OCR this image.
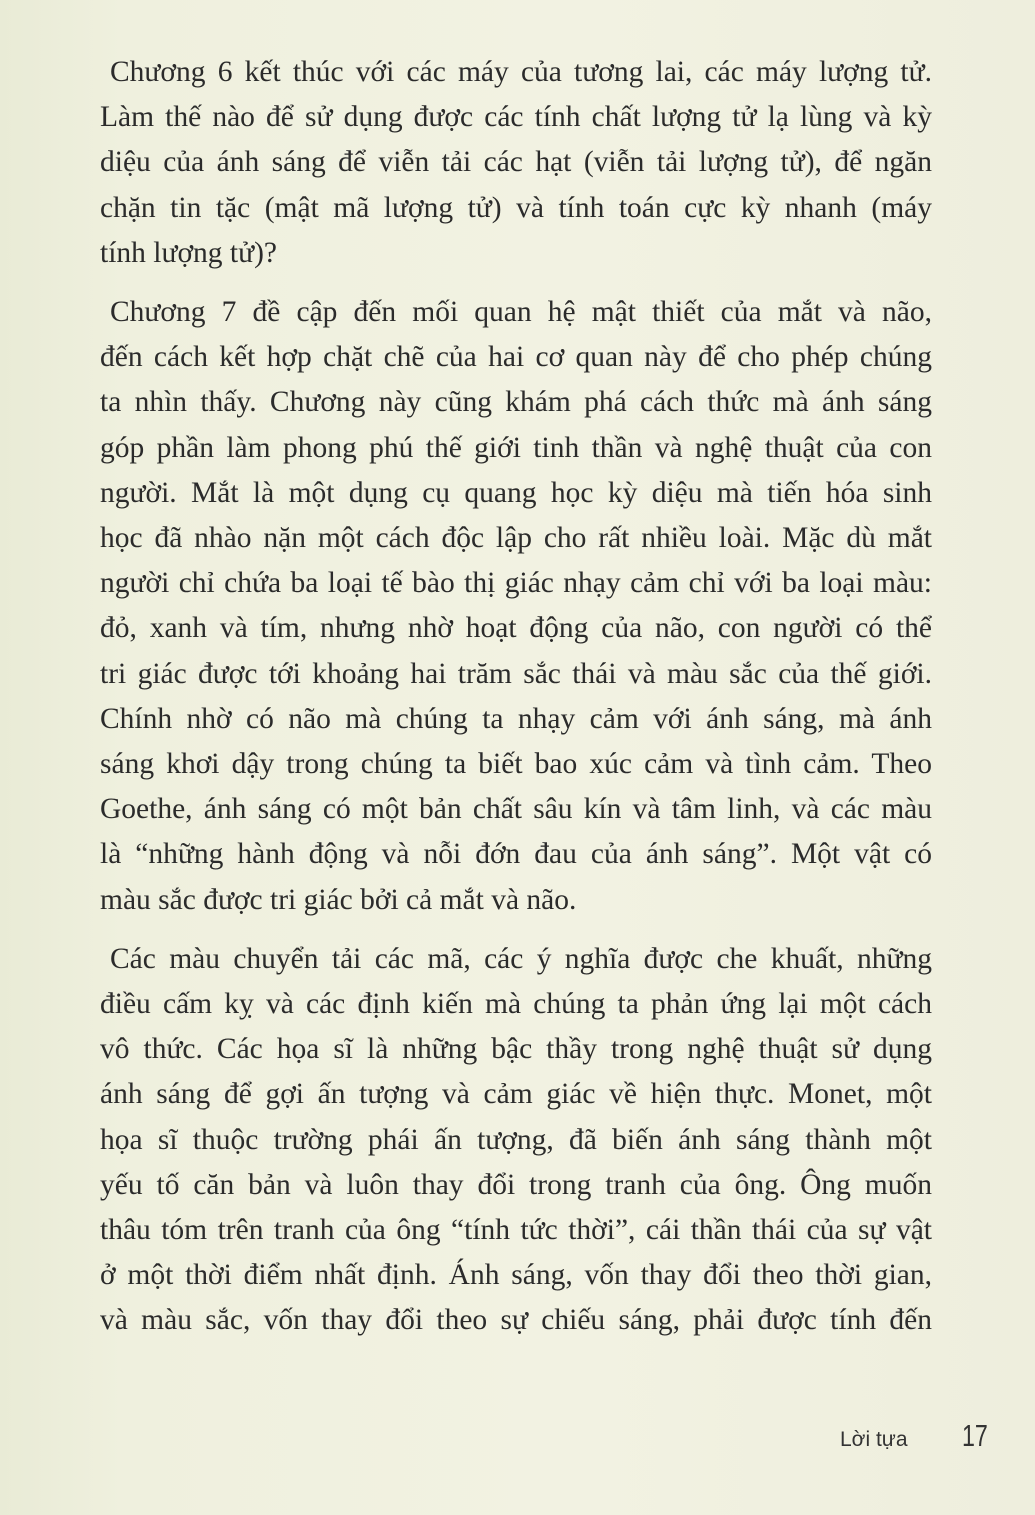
Chương 6 kết thúc với các máy của tương lai, các máy lượng tử.
Làm thế nào để sử dụng được các tính chất lượng tử lạ lùng và kỳ
diệu của ánh sáng để viễn tải các hạt (viễn tải lượng tử), để ngăn
chặn tin tặc (mật mã lượng tử) và tính toán cực kỳ nhanh (máy
tính lượng tử)?

Chương 7 đề cập đến mối quan hệ mật thiết của mắt và não,
đến cách kết hợp chặt chẽ của hai cơ quan này để cho phép chúng
ta nhìn thấy. Chương này cũng khám phá cách thức mà ánh sáng
góp phần làm phong phú thế giới tinh thần và nghệ thuật của con
người. Mắt là một dụng cụ quang học kỳ diệu mà tiến hóa sinh
học đã nhào nặn một cách độc lập cho rất nhiều loài. Mặc dù mắt
người chỉ chứa ba loại tế bào thị giác nhạy cảm chỉ với ba loại màu:
đỏ, xanh và tím, nhưng nhờ hoạt động của não, con người có thể
tri giác được tới khoảng hai trăm sắc thái và màu sắc của thế giới.
Chính nhờ có não mà chúng ta nhạy cảm với ánh sáng, mà ánh
sáng khơi dậy trong chúng ta biết bao xúc cảm và tình cảm. Theo
Goethe, ánh sáng có một bản chất sâu kín và tâm linh, và các màu
là “những hành động và nỗi đớn đau của ánh sáng”. Một vật có
màu sắc được tri giác bởi cả mắt và não.

Các màu chuyển tải các mã, các ý nghĩa được che khuất, những
điều cấm kỵ và các định kiến mà chúng ta phản ứng lại một cách
vô thức. Các họa sĩ là những bậc thầy trong nghệ thuật sử dụng
ánh sáng để gợi ấn tượng và cảm giác về hiện thực. Monet, một
họa sĩ thuộc trường phái ấn tượng, đã biến ánh sáng thành một
yếu tố căn bản và luôn thay đổi trong tranh của ông. Ông muốn
thâu tóm trên tranh của ông “tính tức thời”, cái thần thái của sự vật
ở một thời điểm nhất định. Ánh sáng, vốn thay đổi theo thời gian,
và màu sắc, vốn thay đổi theo sự chiếu sáng, phải được tính đến

Lời tựa 17
